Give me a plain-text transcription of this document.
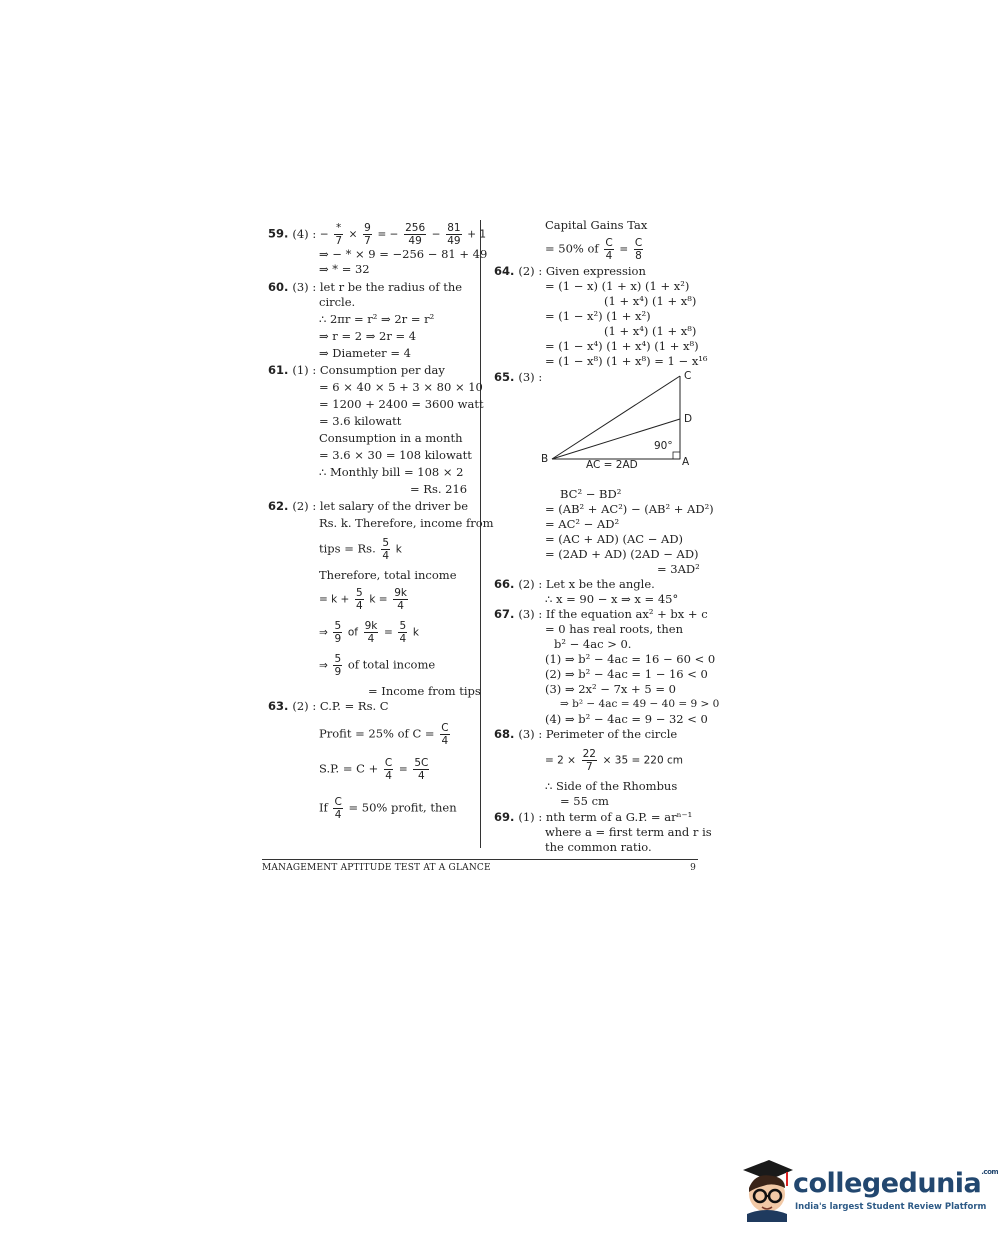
59. (4) : − $\frac{*}{7} \times \frac{9}{7}$ = − $\frac{256}{49} - \frac{81}{49} + 1$
⇒ − * × 9 = −256 − 81 + 49
⇒ * = 32
60. (3) : let r be the radius of the
circle.
∴ 2πr = r² ⇒ 2r = r²
⇒ r = 2 ⇒ 2r = 4
⇒ Diameter = 4
61. (1) : Consumption per day
= 6 × 40 × 5 + 3 × 80 × 10
= 1200 + 2400 = 3600 watt
= 3.6 kilowatt
Consumption in a month
= 3.6 × 30 = 108 kilowatt
∴ Monthly bill = 108 × 2
= Rs. 216
62. (2) : let salary of the driver be
Rs. k. Therefore, income from
tips = Rs. $\frac{5}{4}$ k
Therefore, total income
= $k + \frac{5}{4}$ $k = \frac{9k}{4}$
⇒ $\frac{5}{9}$ of $\frac{9k}{4} = \frac{5}{4}$ k
⇒ $\frac{5}{9}$ of total income
= Income from tips
63. (2) : C.P. = Rs. C
Profit = 25% of $C = \frac{C}{4}$
S.P. = $C + \frac{C}{4} = \frac{5C}{4}$
If $\frac{C}{4} = 50\%$ profit, then
Capital Gains Tax
= 50% of $\frac{C}{4} = \frac{C}{8}$
64. (2) : Given expression
= (1 − x) (1 + x) (1 + x²)
(1 + x⁴) (1 + x⁸)
= (1 − x²) (1 + x²)
(1 + x⁴) (1 + x⁸)
= (1 − x⁴) (1 + x⁴) (1 + x⁸)
= (1 − x⁸) (1 + x⁸) = 1 − x¹⁶
65. (3) :	C
D
B	A
90°
AC = 2AD
BC² − BD²
= (AB² + AC²) − (AB² + AD²)
= AC² − AD²
= (AC + AD) (AC − AD)
= (2AD + AD) (2AD − AD)
= 3AD²
66. (2) : Let x be the angle.
∴ x = 90 − x ⇒ x = 45°
67. (3) : If the equation ax² + bx + c
= 0 has real roots, then
b² − 4ac > 0.
(1) ⇒ b² − 4ac = 16 − 60 < 0
(2) ⇒ b² − 4ac = 1 − 16 < 0
(3) ⇒ 2x² − 7x + 5 = 0
⇒ b² − 4ac = 49 − 40 = 9 > 0
(4) ⇒ b² − 4ac = 9 − 32 < 0
68. (3) : Perimeter of the circle
= $2 \times \frac{22}{7} \times 35 = 220$ cm
∴ Side of the Rhombus
= 55 cm
69. (1) : nth term of a G.P. = arⁿ⁻¹
where a = first term and r is
the common ratio.
MANAGEMENT APTITUDE TEST AT A GLANCE	9
collegedunia$^{.com}$
India's largest Student Review Platform
